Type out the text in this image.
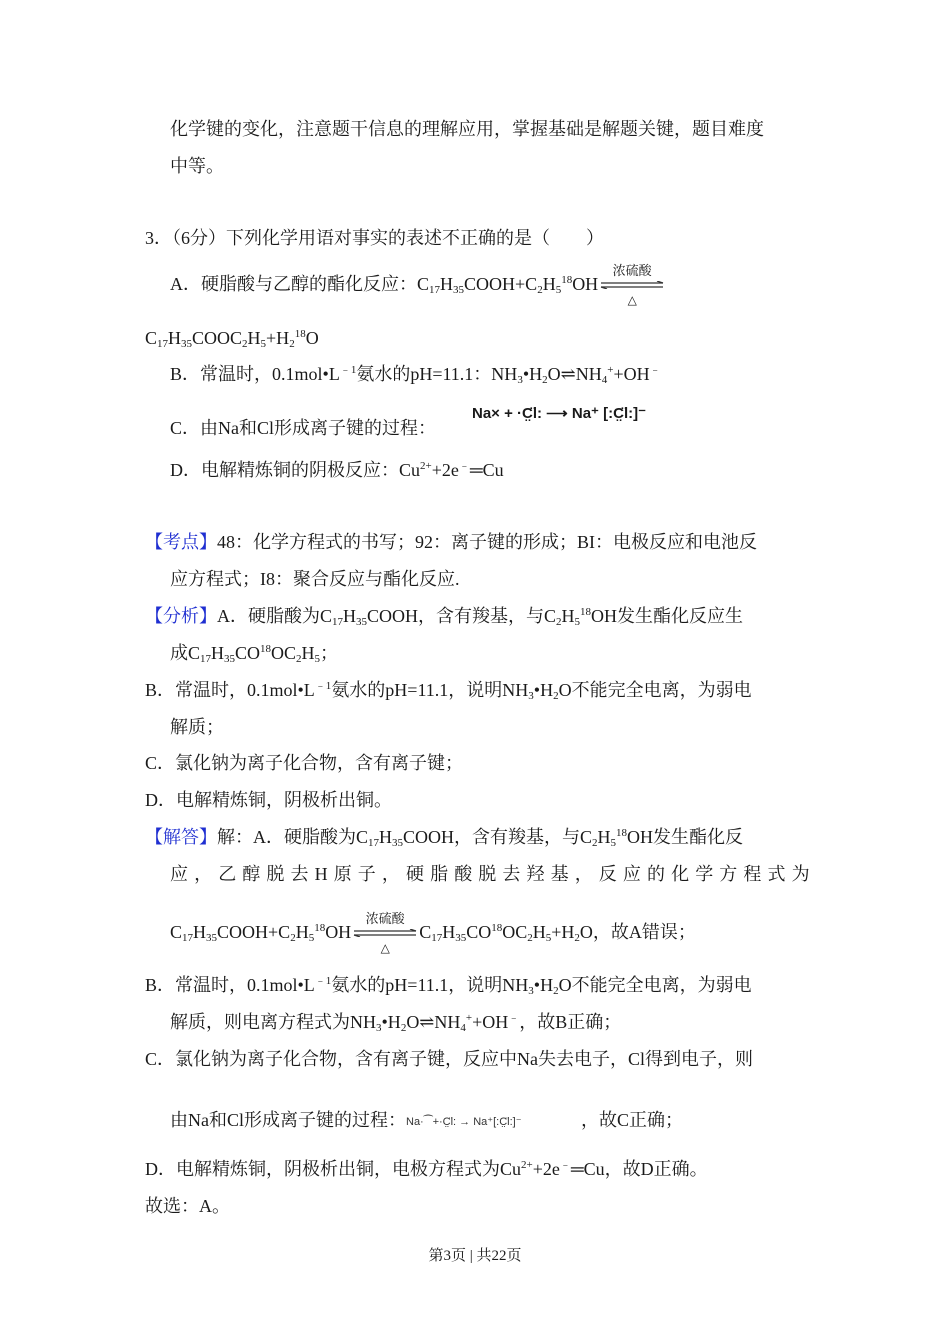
化学键的变化，注意题干信息的理解应用，掌握基础是解题关键，题目难度
中等。
3．（6分）下列化学用语对事实的表述不正确的是（　　）
A．硬脂酸与乙醇的酯化反应：$C_{17}H_{35}COOH+C_2H_5^{18}OH$
浓硫酸
△
$C_{17}H_{35}COOC_2H_5+H_2^{18}O$
B．常温时，$0.1mol•L^{﹣1}$氨水的pH=11.1：$NH_3•H_2O\rightleftharpoons NH_4^++OH^﹣$
C．由Na和Cl形成离子键的过程：
Na× + ·C̤̈l: ⟶ Na⁺ [:C̤̈l:]⁻
D．电解精炼铜的阴极反应：$Cu^{2+}+2e^﹣═Cu$
【考点】48：化学方程式的书写；92：离子键的形成；BI：电极反应和电池反
应方程式；I8：聚合反应与酯化反应.
【分析】A．硬脂酸为$C_{17}H_{35}COOH$，含有羧基，与$C_2H_5^{18}OH$发生酯化反应生
成$C_{17}H_{35}CO^{18}OC_2H_5$；
B．常温时，$0.1mol•L^{﹣1}$氨水的pH=11.1，说明$NH_3•H_2O$不能完全电离，为弱电
解质；
C．氯化钠为离子化合物，含有离子键；
D．电解精炼铜，阴极析出铜。
【解答】解：A．硬脂酸为$C_{17}H_{35}COOH$，含有羧基，与$C_2H_5^{18}OH$发生酯化反
应，乙醇脱去H原子，硬脂酸脱去羟基，反应的化学方程式为
$C_{17}H_{35}COOH+C_2H_5^{18}OH$
浓硫酸
△
$C_{17}H_{35}CO^{18}OC_2H_5+H_2O$，故A错误；
B．常温时，$0.1mol•L^{﹣1}$氨水的pH=11.1，说明$NH_3•H_2O$不能完全电离，为弱电
解质，则电离方程式为$NH_3•H_2O\rightleftharpoons NH_4^++OH^﹣$，故B正确；
C．氯化钠为离子化合物，含有离子键，反应中Na失去电子，Cl得到电子，则
由Na和Cl形成离子键的过程：Na·⁀+·C̤̈l: → Na⁺[:C̤̈l:]⁻	，故C正确；
D．电解精炼铜，阴极析出铜，电极方程式为$Cu^{2+}+2e^﹣═Cu$，故D正确。
故选：A。
第3页 | 共22页
